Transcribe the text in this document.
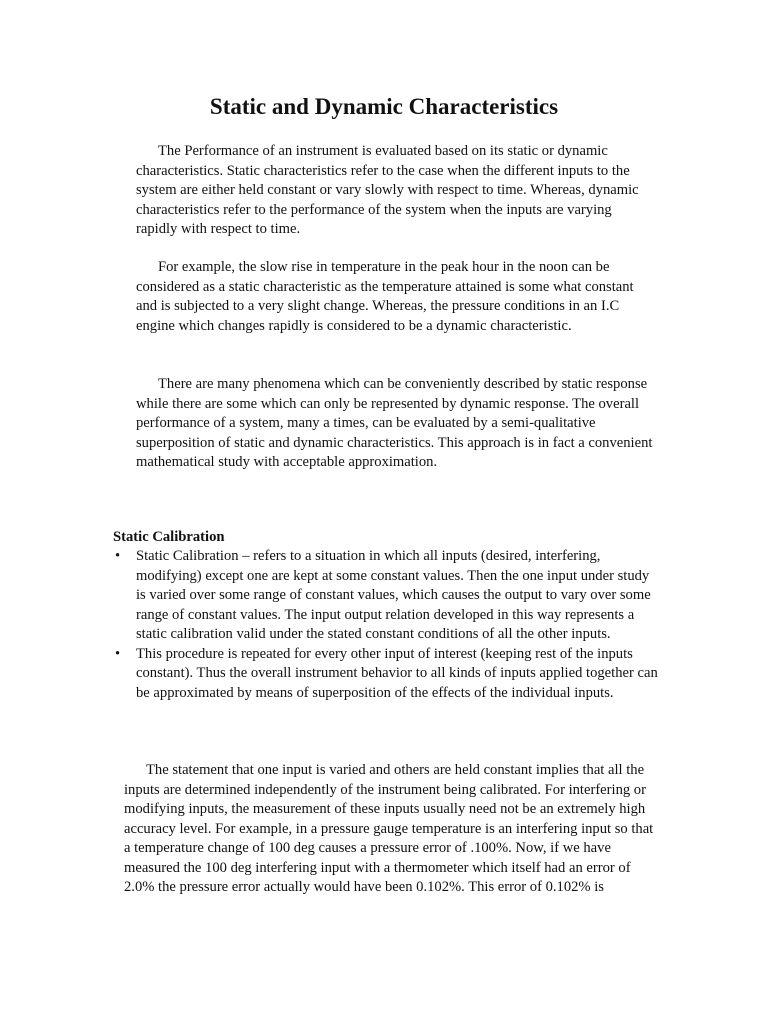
Static and Dynamic Characteristics

The Performance of an instrument is evaluated based on its static or dynamic characteristics. Static characteristics refer to the case when the different inputs to the system are either held constant or vary slowly with respect to time. Whereas, dynamic characteristics refer to the performance of the system when the inputs are varying rapidly with respect to time.

For example, the slow rise in temperature in the peak hour in the noon can be considered as a static characteristic as the temperature attained is some what constant and is subjected to a very slight change. Whereas, the pressure conditions in an I.C engine which changes rapidly is considered to be a dynamic characteristic.

There are many phenomena which can be conveniently described by static response while there are some which can only be represented by dynamic response. The overall performance of a system, many a times, can be evaluated by a semi-qualitative superposition of static and dynamic characteristics. This approach is in fact a convenient mathematical study with acceptable approximation.

Static Calibration
• Static Calibration – refers to a situation in which all inputs (desired, interfering, modifying) except one are kept at some constant values. Then the one input under study is varied over some range of constant values, which causes the output to vary over some range of constant values. The input output relation developed in this way represents a static calibration valid under the stated constant conditions of all the other inputs.
• This procedure is repeated for every other input of interest (keeping rest of the inputs constant). Thus the overall instrument behavior to all kinds of inputs applied together can be approximated by means of superposition of the effects of the individual inputs.

The statement that one input is varied and others are held constant implies that all the inputs are determined independently of the instrument being calibrated. For interfering or modifying inputs, the measurement of these inputs usually need not be an extremely high accuracy level. For example, in a pressure gauge temperature is an interfering input so that a temperature change of 100 deg causes a pressure error of .100%. Now, if we have measured the 100 deg interfering input with a thermometer which itself had an error of 2.0% the pressure error actually would have been 0.102%. This error of 0.102% is
